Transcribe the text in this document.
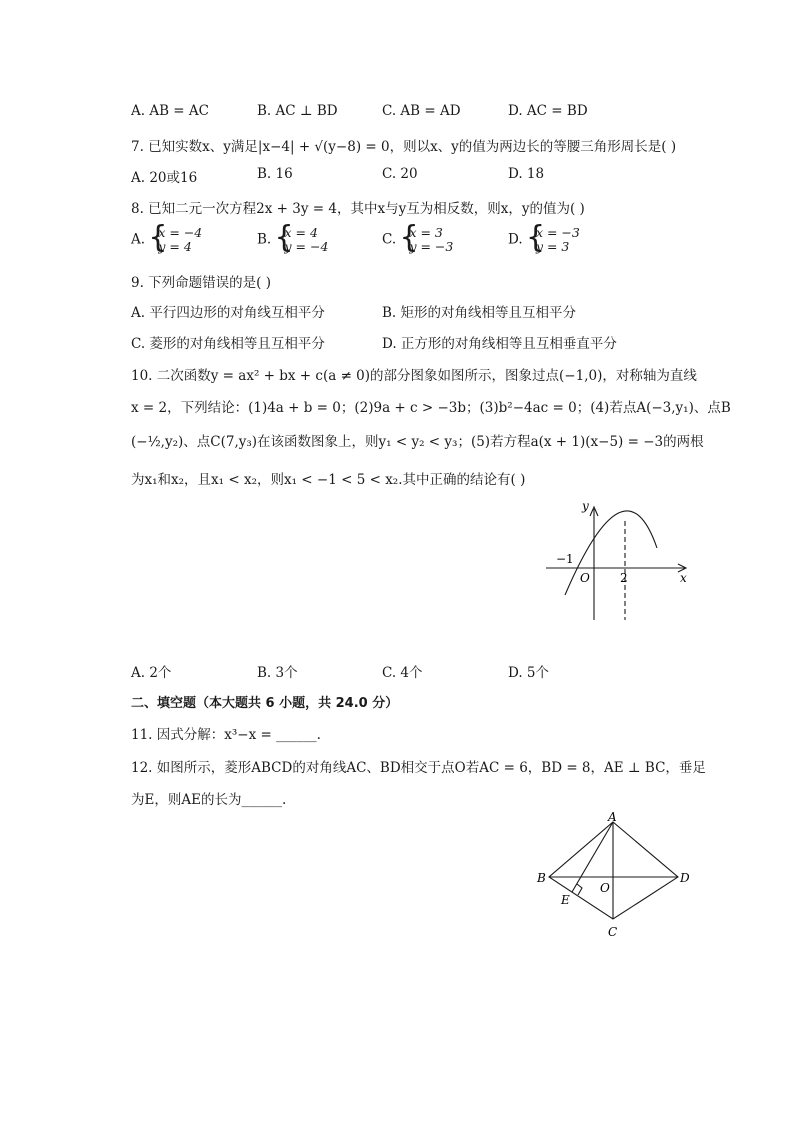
A. AB = AC	B. AC ⊥ BD	C. AB = AD	D. AC = BD
7. 已知实数x、y满足|x−4| + √(y−8) = 0，则以x、y的值为两边长的等腰三角形周长是( )
A. 20或16	B. 16	C. 20	D. 18
8. 已知二元一次方程2x + 3y = 4，其中x与y互为相反数，则x，y的值为( )
A. { x = −4
y = 4	B. { x = 4
y = −4	C. { x = 3
y = −3	D. { x = −3
y = 3
9. 下列命题错误的是( )
A. 平行四边形的对角线互相平分	B. 矩形的对角线相等且互相平分
C. 菱形的对角线相等且互相平分	D. 正方形的对角线相等且互相垂直平分
10. 二次函数y = ax² + bx + c(a ≠ 0)的部分图象如图所示，图象过点(−1,0)，对称轴为直线
x = 2，下列结论：(1)4a + b = 0；(2)9a + c > −3b；(3)b²−4ac = 0；(4)若点A(−3,y₁)、点B
(−½,y₂)、点C(7,y₃)在该函数图象上，则y₁ < y₂ < y₃；(5)若方程a(x + 1)(x−5) = −3的两根
为x₁和x₂，且x₁ < x₂，则x₁ < −1 < 5 < x₂.其中正确的结论有( )
y
x
O
−1
2
A. 2个	B. 3个	C. 4个	D. 5个
二、填空题（本大题共 6 小题，共 24.0 分）
11. 因式分解：x³−x = ______.
12. 如图所示，菱形ABCD的对角线AC、BD相交于点O若AC = 6，BD = 8，AE ⊥ BC，垂足
为E，则AE的长为______.
A
B	D
C
E
O
